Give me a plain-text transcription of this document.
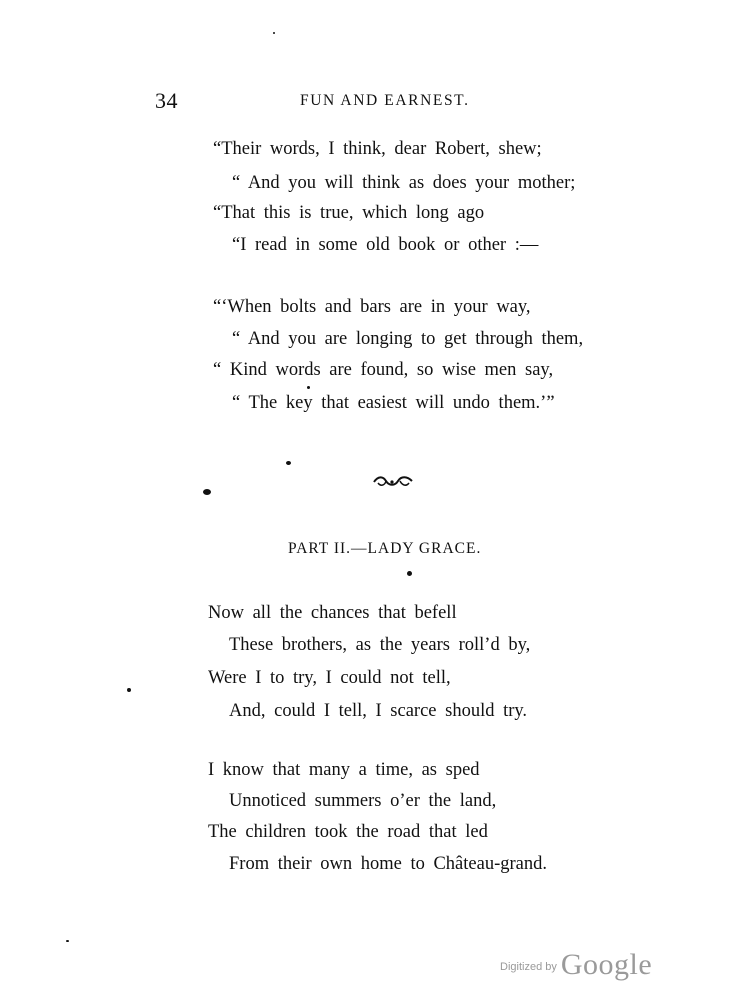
34	FUN AND EARNEST.
“Their words, I think, dear Robert, shew;
“ And you will think as does your mother;
“That this is true, which long ago
“I read in some old book or other :—
“‘When bolts and bars are in your way,
“ And you are longing to get through them,
“ Kind words are found, so wise men say,
“ The key that easiest will undo them.’”
PART II.—LADY GRACE.
Now all the chances that befell
These brothers, as the years roll’d by,
Were I to try, I could not tell,
And, could I tell, I scarce should try.
I know that many a time, as sped
Unnoticed summers o’er the land,
The children took the road that led
From their own home to Château-grand.
$^{Digitized by}$ Google
